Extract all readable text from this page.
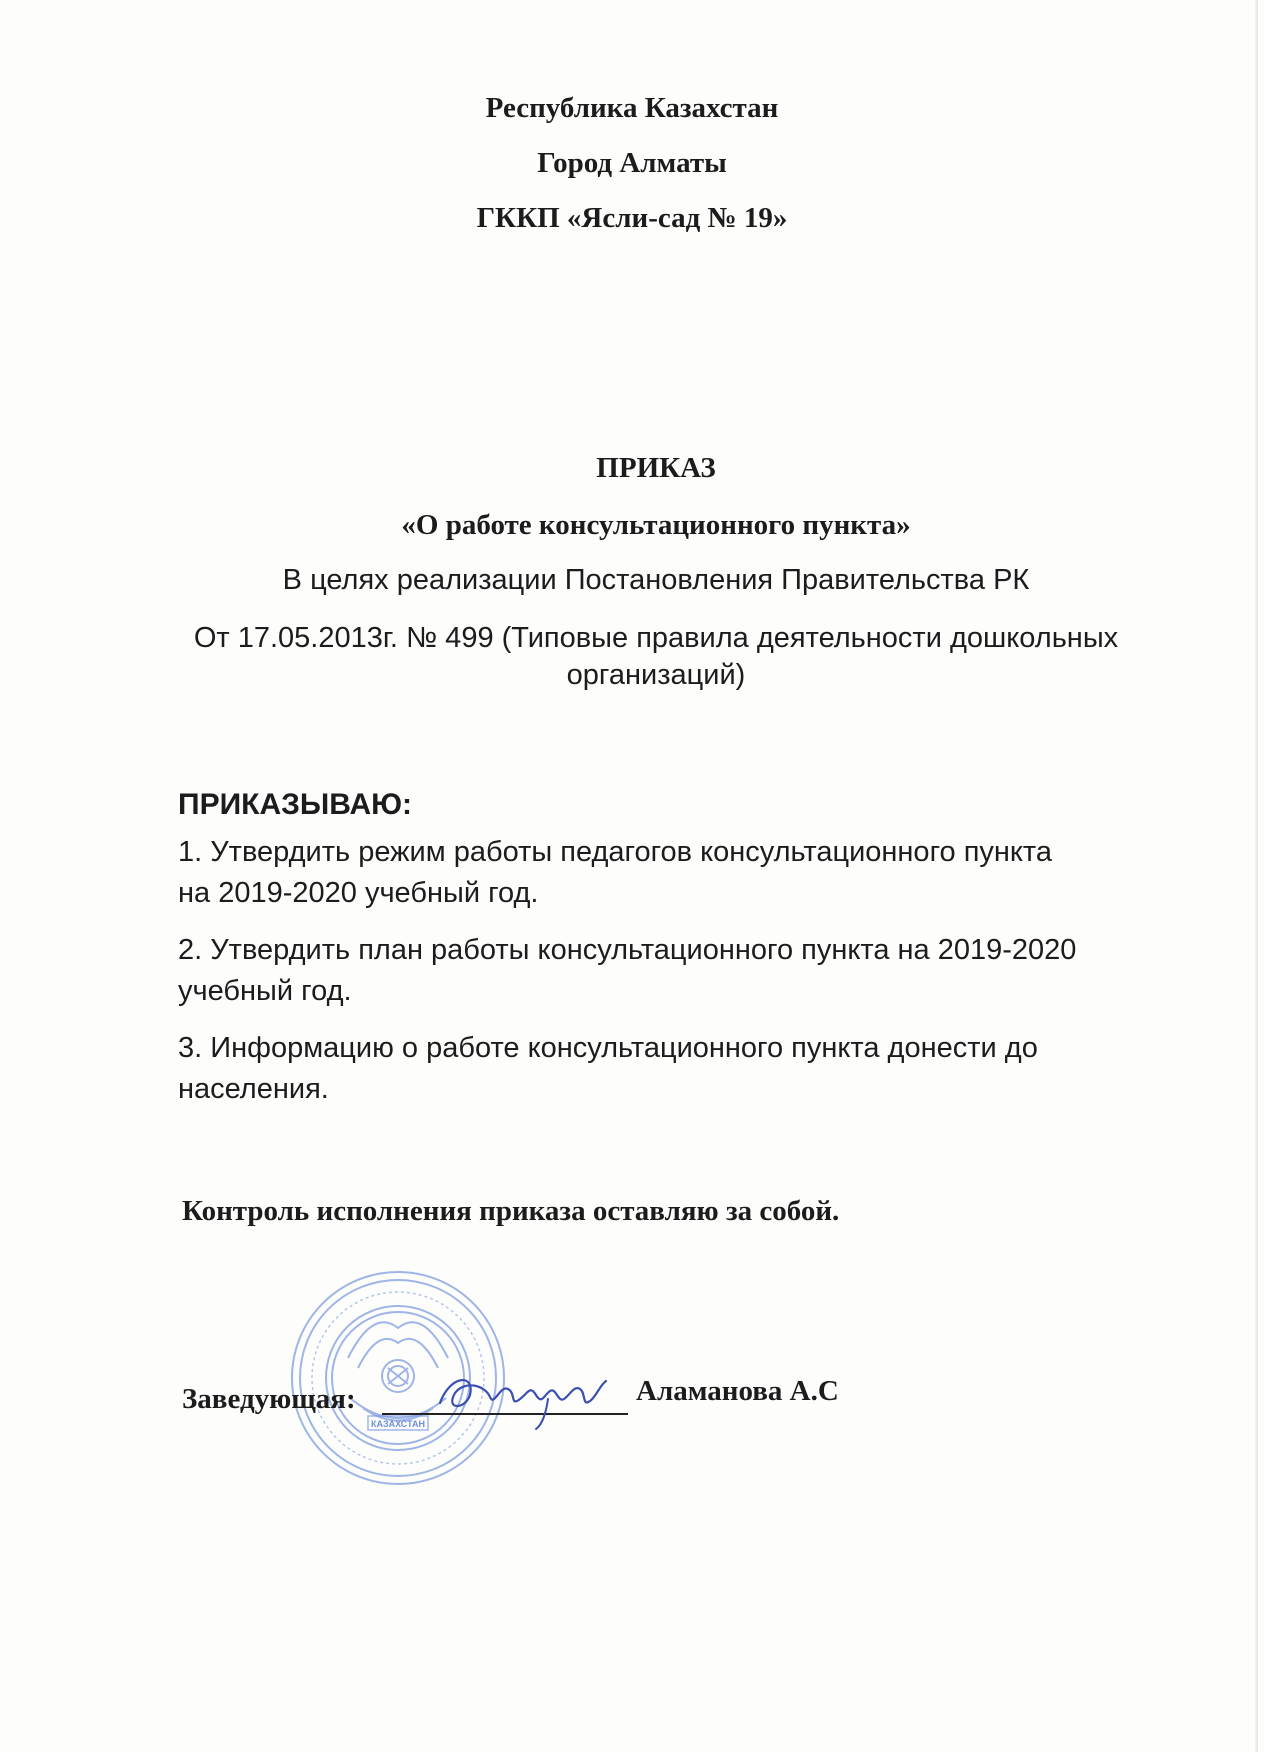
Республика Казахстан
Город Алматы
ГККП «Ясли-сад № 19»
ПРИКАЗ
«О работе консультационного пункта»
В целях реализации Постановления Правительства РК
От 17.05.2013г. № 499 (Типовые правила деятельности дошкольных
организаций)
ПРИКАЗЫВАЮ:
1. Утвердить режим работы педагогов консультационного пункта
на 2019-2020 учебный год.
2. Утвердить план работы консультационного пункта на 2019-2020
учебный год.
3. Информацию о работе консультационного пункта донести до
населения.
Контроль исполнения приказа оставляю за собой.
КАЗАХСТАН
Заведующая:	Аламанова А.С
